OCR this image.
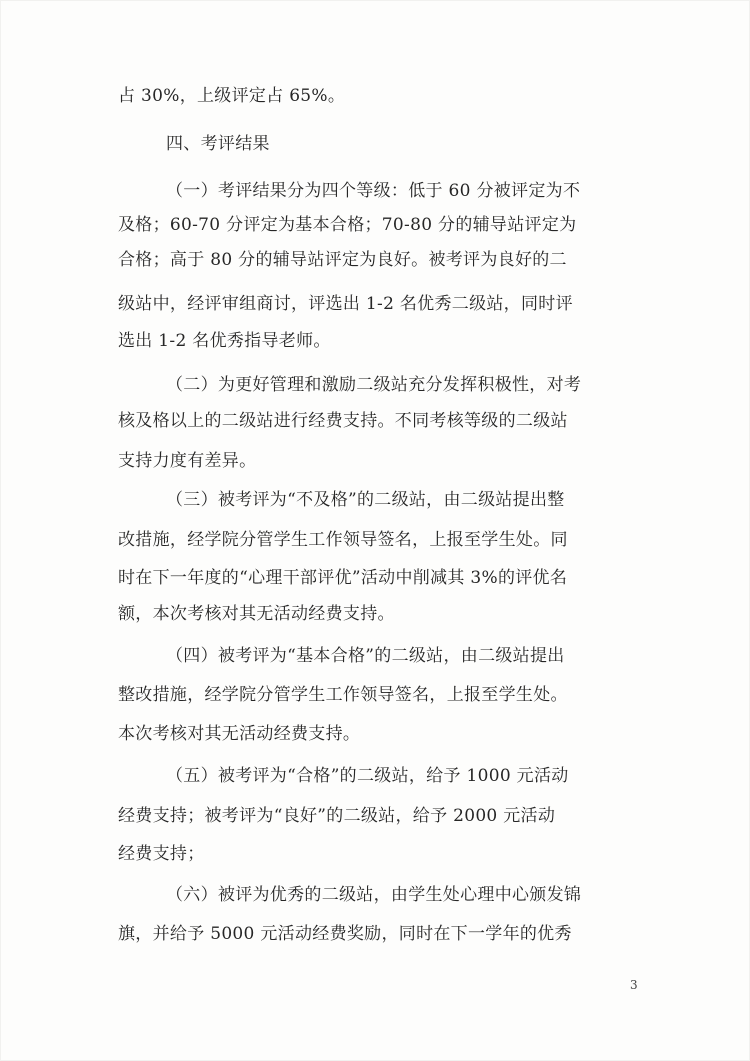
占 30%，上级评定占 65%。
四、考评结果
（一）考评结果分为四个等级：低于 60 分被评定为不
及格；60-70 分评定为基本合格；70-80 分的辅导站评定为
合格；高于 80 分的辅导站评定为良好。被考评为良好的二
级站中，经评审组商讨，评选出 1-2 名优秀二级站，同时评
选出 1-2 名优秀指导老师。
（二）为更好管理和激励二级站充分发挥积极性，对考
核及格以上的二级站进行经费支持。不同考核等级的二级站
支持力度有差异。
（三）被考评为“不及格”的二级站，由二级站提出整
改措施，经学院分管学生工作领导签名，上报至学生处。同
时在下一年度的“心理干部评优”活动中削减其 3%的评优名
额，本次考核对其无活动经费支持。
（四）被考评为“基本合格”的二级站，由二级站提出
整改措施，经学院分管学生工作领导签名，上报至学生处。
本次考核对其无活动经费支持。
（五）被考评为“合格”的二级站，给予 1000 元活动
经费支持；被考评为“良好”的二级站，给予 2000 元活动
经费支持；
（六）被评为优秀的二级站，由学生处心理中心颁发锦
旗，并给予 5000 元活动经费奖励，同时在下一学年的优秀
3
